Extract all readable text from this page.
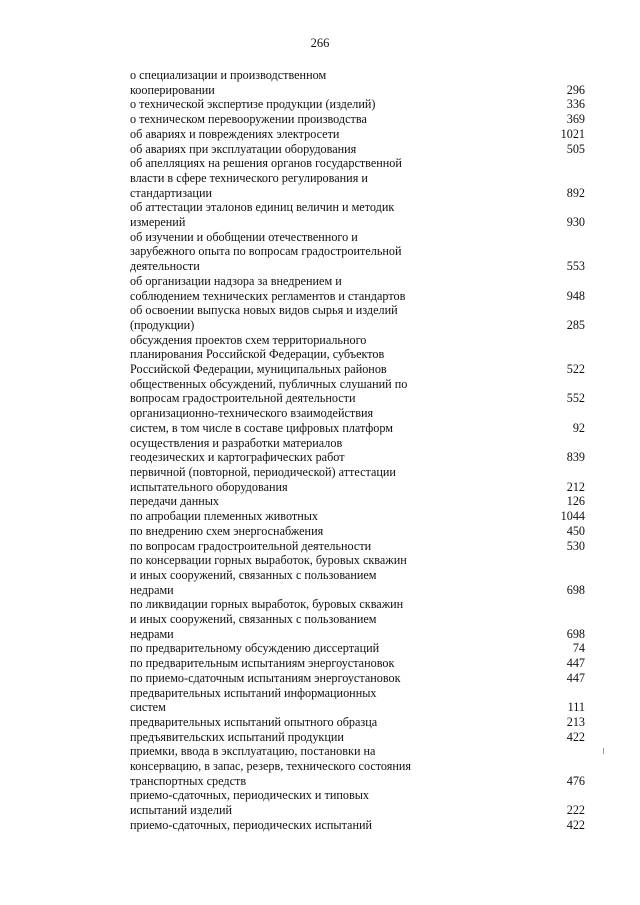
266
о специализации и производственном
кооперировании	296
о технической экспертизе продукции (изделий)	336
о техническом перевооружении производства	369
об авариях и повреждениях электросети	1021
об авариях при эксплуатации оборудования	505
об апелляциях на решения органов государственной
власти в сфере технического регулирования и
стандартизации	892
об аттестации эталонов единиц величин и методик
измерений	930
об изучении и обобщении отечественного и
зарубежного опыта по вопросам градостроительной
деятельности	553
об организации надзора за внедрением и
соблюдением технических регламентов и стандартов	948
об освоении выпуска новых видов сырья и изделий
(продукции)	285
обсуждения проектов схем территориального
планирования Российской Федерации, субъектов
Российской Федерации, муниципальных районов	522
общественных обсуждений, публичных слушаний по
вопросам градостроительной деятельности	552
организационно-технического взаимодействия
систем, в том числе в составе цифровых платформ	92
осуществления и разработки материалов
геодезических и картографических работ	839
первичной (повторной, периодической) аттестации
испытательного оборудования	212
передачи данных	126
по апробации племенных животных	1044
по внедрению схем энергоснабжения	450
по вопросам градостроительной деятельности	530
по консервации горных выработок, буровых скважин
и иных сооружений, связанных с пользованием
недрами	698
по ликвидации горных выработок, буровых скважин
и иных сооружений, связанных с пользованием
недрами	698
по предварительному обсуждению диссертаций	74
по предварительным испытаниям энергоустановок	447
по приемо-сдаточным испытаниям энергоустановок	447
предварительных испытаний информационных
систем	111
предварительных испытаний опытного образца	213
предъявительских испытаний продукции	422
приемки, ввода в эксплуатацию, постановки на
консервацию, в запас, резерв, технического состояния
транспортных средств	476
приемо-сдаточных, периодических и типовых
испытаний изделий	222
приемо-сдаточных, периодических испытаний	422
